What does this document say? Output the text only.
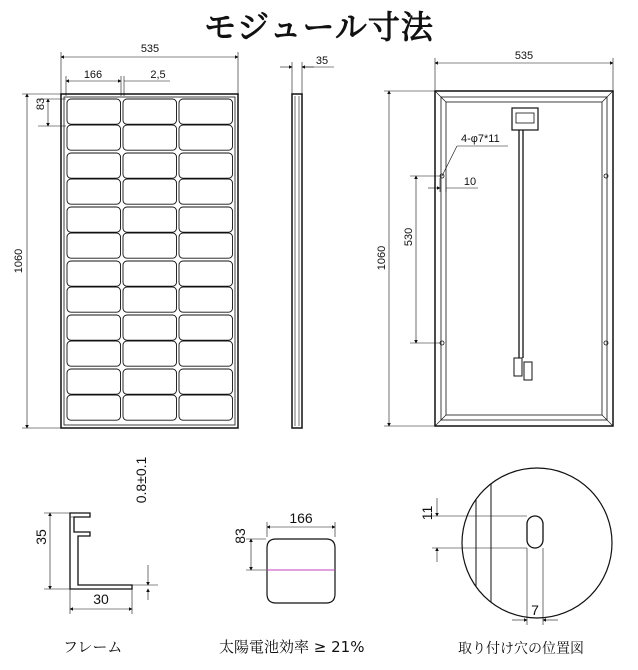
モジュール寸法
535
166	2,5
83
1060
35	535
1060
530
4-φ7*11
10
35
30
0.8±0.1
166
83
11
7
フレーム	太陽電池効率 ≥ 21%	取り付け穴の位置図
